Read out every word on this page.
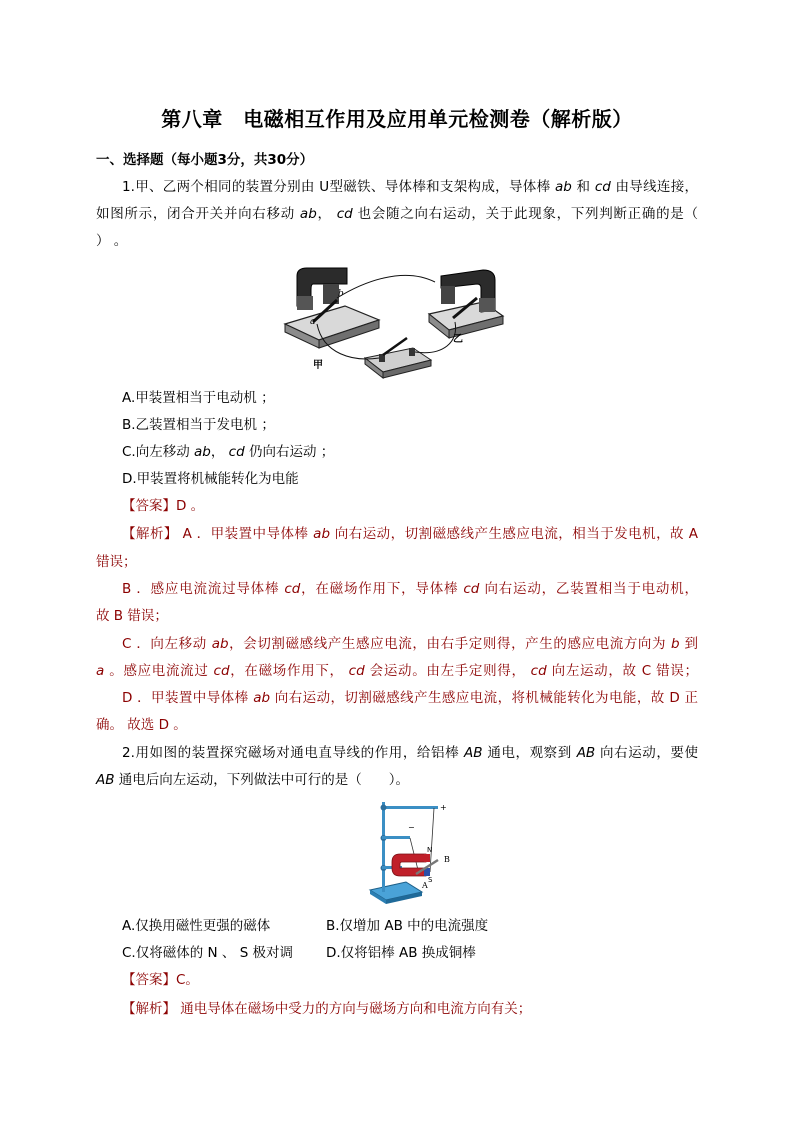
第八章　电磁相互作用及应用单元检测卷（解析版）
一、选择题（每小题3分，共30分）
1.甲、乙两个相同的装置分别由 U型磁铁、导体棒和支架构成，导体棒 ab 和 cd 由导线连接，
如图所示，闭合开关并向右移动 ab， cd 也会随之向右运动，关于此现象，下列判断正确的是（
） 。
a
b
甲
乙
A.甲装置相当于电动机 ；
B.乙装置相当于发电机 ；
C.向左移动 ab， cd 仍向右运动 ；
D.甲装置将机械能转化为电能
【答案】D 。
【解析】 A ．甲装置中导体棒 ab 向右运动，切割磁感线产生感应电流，相当于发电机，故 A
错误；
B ．感应电流流过导体棒 cd，在磁场作用下，导体棒 cd 向右运动，乙装置相当于电动机，
故 B 错误；
C ．向左移动 ab，会切割磁感线产生感应电流，由右手定则得，产生的感应电流方向为 b 到
a 。感应电流流过 cd，在磁场作用下， cd 会运动。由左手定则得， cd 向左运动，故 C 错误；
D ．甲装置中导体棒 ab 向右运动，切割磁感线产生感应电流，将机械能转化为电能，故 D 正
确。 故选 D 。
2.用如图的装置探究磁场对通电直导线的作用，给铝棒 AB 通电，观察到 AB 向右运动，要使
AB 通电后向左运动，下列做法中可行的是（　　）。
+
−
N
S
B
A
A.仅换用磁性更强的磁体	B.仅增加 AB 中的电流强度
C.仅将磁体的 N 、 S 极对调	D.仅将铝棒 AB 换成铜棒
【答案】C。
【解析】 通电导体在磁场中受力的方向与磁场方向和电流方向有关；
